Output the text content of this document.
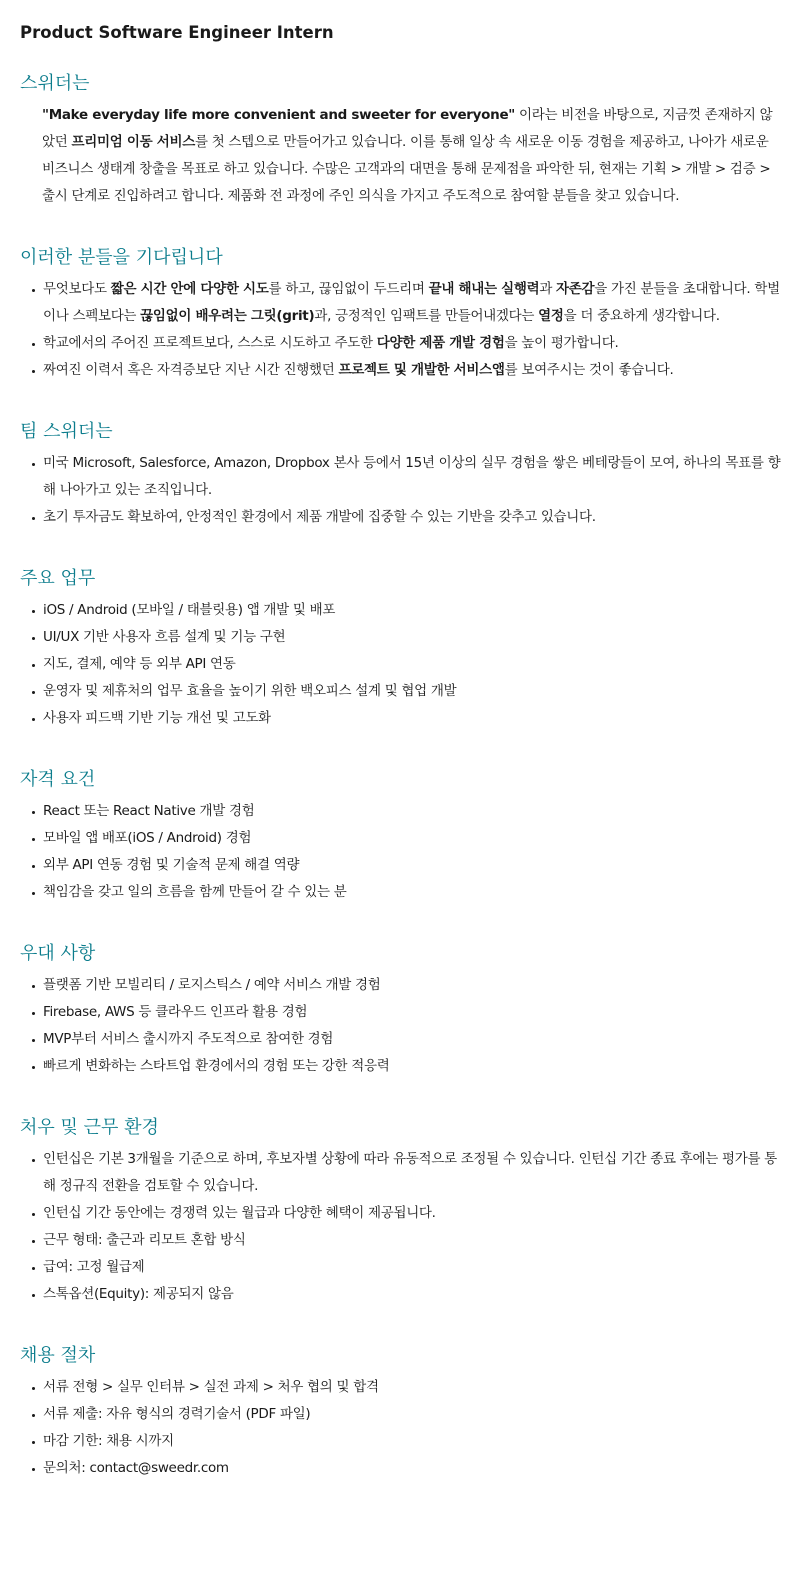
Product Software Engineer Intern
스위더는

"Make everyday life more convenient and sweeter for everyone" 이라는 비전을 바탕으로, 지금껏 존재하지 않았던 프리미엄 이동 서비스를 첫 스텝으로 만들어가고 있습니다. 이를 통해 일상 속 새로운 이동 경험을 제공하고, 나아가 새로운 비즈니스 생태계 창출을 목표로 하고 있습니다. 수많은 고객과의 대면을 통해 문제점을 파악한 뒤, 현재는 기획 > 개발 > 검증 > 출시 단계로 진입하려고 합니다. 제품화 전 과정에 주인 의식을 가지고 주도적으로 참여할 분들을 찾고 있습니다.

이러한 분들을 기다립니다
무엇보다도 짧은 시간 안에 다양한 시도를 하고, 끊임없이 두드리며 끝내 해내는 실행력과 자존감을 가진 분들을 초대합니다. 학벌이나 스펙보다는 끊임없이 배우려는 그릿(grit)과, 긍정적인 임팩트를 만들어내겠다는 열정을 더 중요하게 생각합니다.
학교에서의 주어진 프로젝트보다, 스스로 시도하고 주도한 다양한 제품 개발 경험을 높이 평가합니다.
짜여진 이력서 혹은 자격증보단 지난 시간 진행했던 프로젝트 및 개발한 서비스앱를 보여주시는 것이 좋습니다.
팀 스위더는
미국 Microsoft, Salesforce, Amazon, Dropbox 본사 등에서 15년 이상의 실무 경험을 쌓은 베테랑들이 모여, 하나의 목표를 향해 나아가고 있는 조직입니다.
초기 투자금도 확보하여, 안정적인 환경에서 제품 개발에 집중할 수 있는 기반을 갖추고 있습니다.
주요 업무
iOS / Android (모바일 / 태블릿용) 앱 개발 및 배포
UI/UX 기반 사용자 흐름 설계 및 기능 구현
지도, 결제, 예약 등 외부 API 연동
운영자 및 제휴처의 업무 효율을 높이기 위한 백오피스 설계 및 협업 개발
사용자 피드백 기반 기능 개선 및 고도화
자격 요건
React 또는 React Native 개발 경험
모바일 앱 배포(iOS / Android) 경험
외부 API 연동 경험 및 기술적 문제 해결 역량
책임감을 갖고 일의 흐름을 함께 만들어 갈 수 있는 분
우대 사항
플랫폼 기반 모빌리티 / 로지스틱스 / 예약 서비스 개발 경험
Firebase, AWS 등 클라우드 인프라 활용 경험
MVP부터 서비스 출시까지 주도적으로 참여한 경험
빠르게 변화하는 스타트업 환경에서의 경험 또는 강한 적응력
처우 및 근무 환경
인턴십은 기본 3개월을 기준으로 하며, 후보자별 상황에 따라 유동적으로 조정될 수 있습니다. 인턴십 기간 종료 후에는 평가를 통해 정규직 전환을 검토할 수 있습니다.
인턴십 기간 동안에는 경쟁력 있는 월급과 다양한 혜택이 제공됩니다.
근무 형태: 출근과 리모트 혼합 방식
급여: 고정 월급제
스톡옵션(Equity): 제공되지 않음
채용 절차
서류 전형 > 실무 인터뷰 > 실전 과제 > 처우 협의 및 합격
서류 제출: 자유 형식의 경력기술서 (PDF 파일)
마감 기한: 채용 시까지
문의처: contact@sweedr.com
